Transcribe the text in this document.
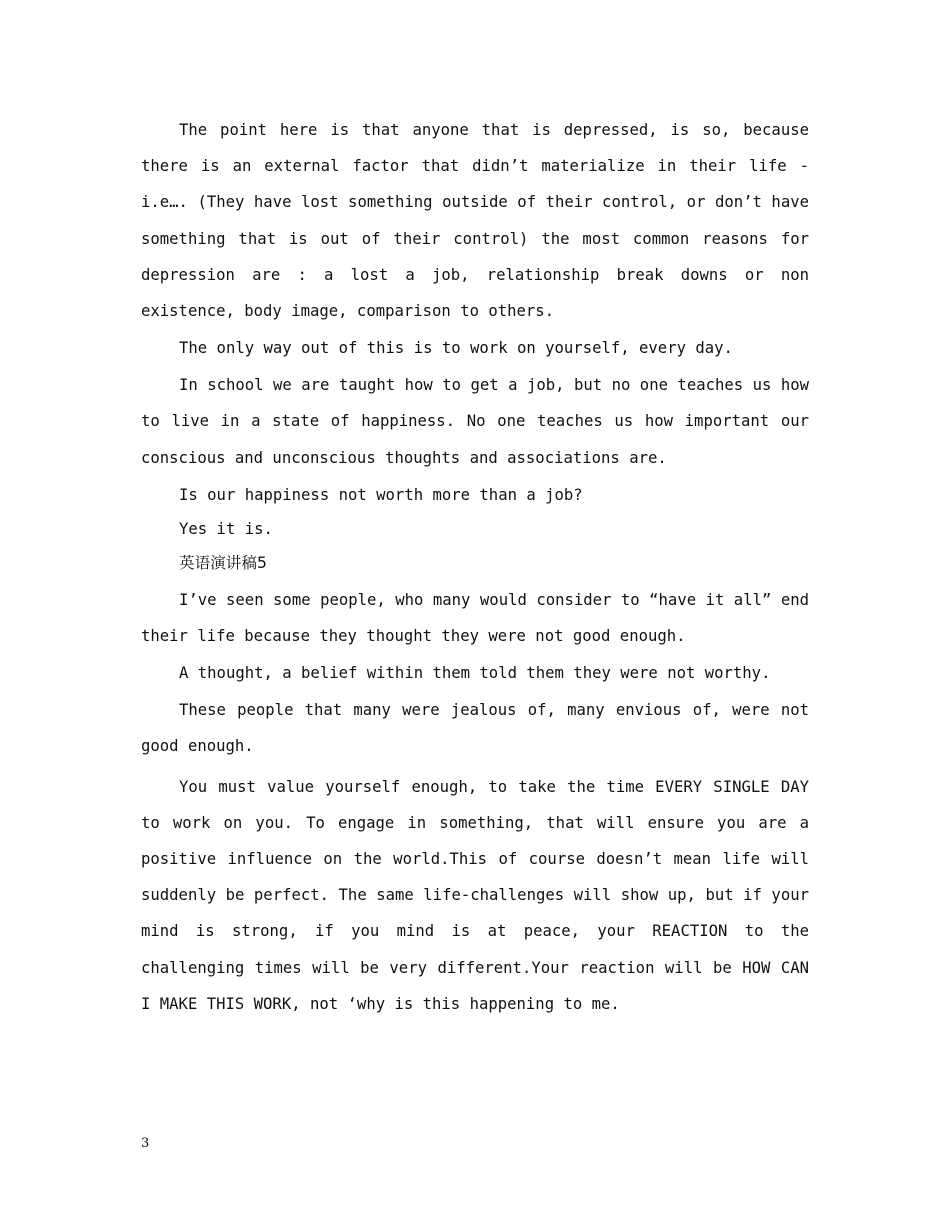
The point here is that anyone that is depressed, is so, because there is an external factor that didn’t materialize in their life - i.e…. (They have lost something outside of their control, or don’t have something that is out of their control) the most common reasons for depression are : a lost a job, relationship break downs or non existence, body image, comparison to others.

The only way out of this is to work on yourself, every day.

In school we are taught how to get a job, but no one teaches us how to live in a state of happiness. No one teaches us how important our conscious and unconscious thoughts and associations are.

Is our happiness not worth more than a job?

Yes it is.

英语演讲稿5

I’ve seen some people, who many would consider to “have it all” end their life because they thought they were not good enough.

A thought, a belief within them told them they were not worthy.

These people that many were jealous of, many envious of, were not good enough.

You must value yourself enough, to take the time EVERY SINGLE DAY to work on you. To engage in something, that will ensure you are a positive influence on the world.This of course doesn’t mean life will suddenly be perfect. The same life-challenges will show up, but if your mind is strong, if you mind is at peace, your REACTION to the challenging times will be very different.Your reaction will be HOW CAN I MAKE THIS WORK, not ‘why is this happening to me.

3
